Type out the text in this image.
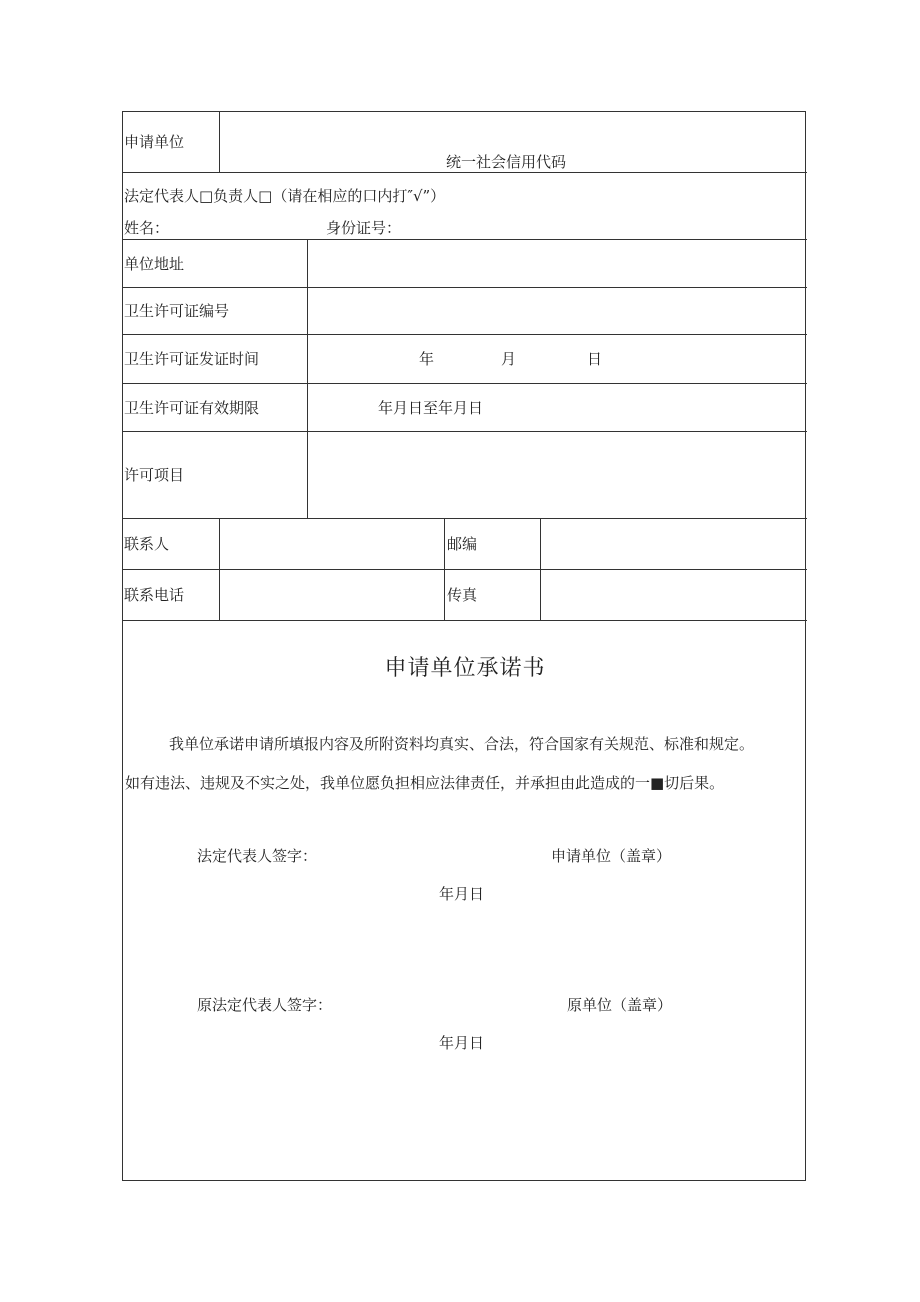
申请单位
统一社会信用代码
法定代表人□负责人□（请在相应的口内打″√”）
姓名：	身份证号：
单位地址
卫生许可证编号
卫生许可证发证时间	年	月	日
卫生许可证有效期限	年月日至年月日
许可项目
联系人	邮编
联系电话	传真
申请单位承诺书
我单位承诺申请所填报内容及所附资料均真实、合法，符合国家有关规范、标准和规定。
如有违法、违规及不实之处，我单位愿负担相应法律责任，并承担由此造成的一■切后果。
法定代表人签字：	申请单位（盖章）
年月日
原法定代表人签字：	原单位（盖章）
年月日
